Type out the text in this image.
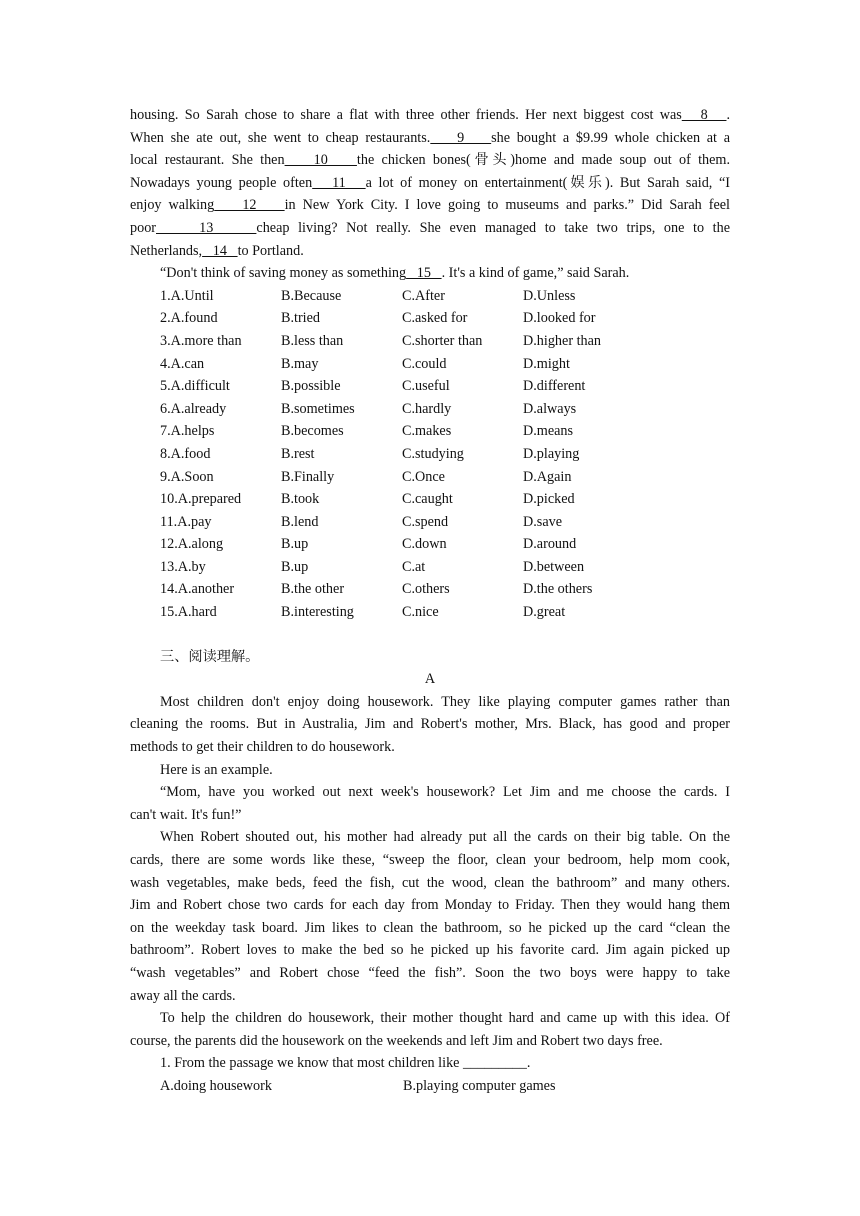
housing. So Sarah chose to share a flat with three other friends. Her next biggest cost was   8   .
When she ate out, she went to cheap restaurants.    9    she bought a $9.99 whole chicken at a
local restaurant. She then    10    the chicken bones(骨头)home and made soup out of them.
Nowadays young people often   11   a lot of money on entertainment(娱乐). But Sarah said, “I
enjoy walking    12    in New York City. I love going to museums and parks.” Did Sarah feel
poor     13     cheap living? Not really. She even managed to take two trips, one to the
Netherlands,   14   to Portland.

“Don't think of saving money as something   15   . It's a kind of game,” said Sarah.

1.A.Until	B.Because	C.After	D.Unless
2.A.found	B.tried	C.asked for	D.looked for
3.A.more than	B.less than	C.shorter than	D.higher than
4.A.can	B.may	C.could	D.might
5.A.difficult	B.possible	C.useful	D.different
6.A.already	B.sometimes	C.hardly	D.always
7.A.helps	B.becomes	C.makes	D.means
8.A.food	B.rest	C.studying	D.playing
9.A.Soon	B.Finally	C.Once	D.Again
10.A.prepared	B.took	C.caught	D.picked
11.A.pay	B.lend	C.spend	D.save
12.A.along	B.up	C.down	D.around
13.A.by	B.up	C.at	D.between
14.A.another	B.the other	C.others	D.the others
15.A.hard	B.interesting	C.nice	D.great
三、阅读理解。
A

Most children don't enjoy doing housework. They like playing computer games rather than
cleaning the rooms. But in Australia, Jim and Robert's mother, Mrs. Black, has good and proper
methods to get their children to do housework.

Here is an example.

“Mom, have you worked out next week's housework? Let Jim and me choose the cards. I
can't wait. It's fun!”

When Robert shouted out, his mother had already put all the cards on their big table. On the
cards, there are some words like these, “sweep the floor, clean your bedroom, help mom cook,
wash vegetables, make beds, feed the fish, cut the wood, clean the bathroom” and many others.
Jim and Robert chose two cards for each day from Monday to Friday. Then they would hang them
on the weekday task board. Jim likes to clean the bathroom, so he picked up the card “clean the
bathroom”. Robert loves to make the bed so he picked up his favorite card. Jim again picked up
“wash vegetables” and Robert chose “feed the fish”. Soon the two boys were happy to take
away all the cards.

To help the children do housework, their mother thought hard and came up with this idea. Of
course, the parents did the housework on the weekends and left Jim and Robert two days free.

1. From the passage we know that most children like _________.

A.doing housework	B.playing computer games
